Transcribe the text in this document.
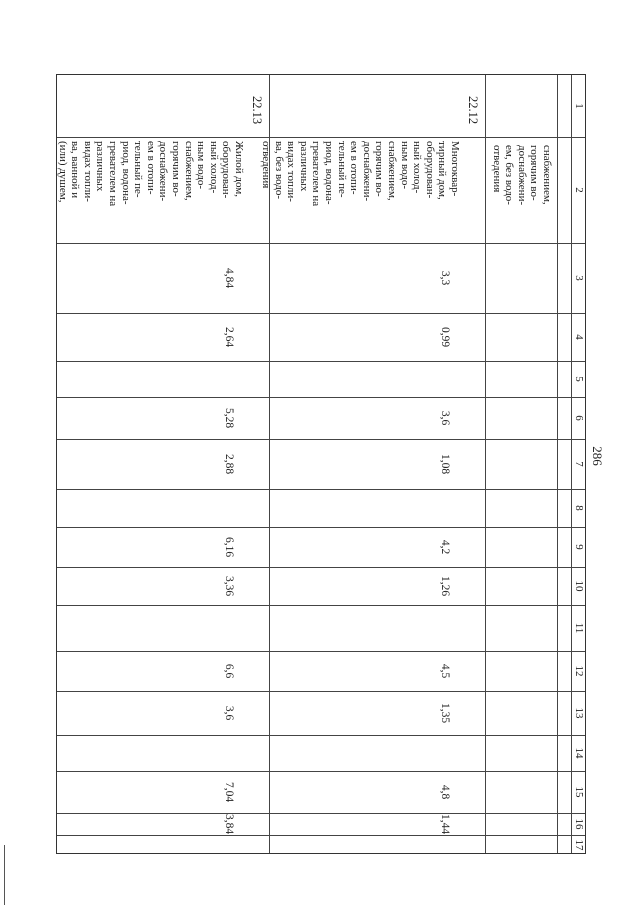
286
1
2
3
4
5
6
7
8
9
10
11
12
13
14
15
16
17
снабжением,
горячим во-
доснабжени-
ем, без водо-
отведения
22.12
Многоквар-
тирный дом,
оборудован-
ный холод-
ным водо-
снабжением,
горячим во-
доснабжени-
ем в отопи-
тельный пе-
риод, водона-
гревателем на
различных
видах топли-
ва, без водо-
отведения
3,3
0,99
3,6
1,08
4,2
1,26
4,5
1,35
4,8
1,44
22.13
Жилой дом,
оборудован-
ный холод-
ным водо-
снабжением,
горячим во-
доснабжени-
ем в отопи-
тельный пе-
риод, водона-
гревателем на
различных
видах топли-
ва, ванной и
(или) душем,
4,84
2,64
5,28
2,88
6,16
3,36
6,6
3,6
7,04
3,84
